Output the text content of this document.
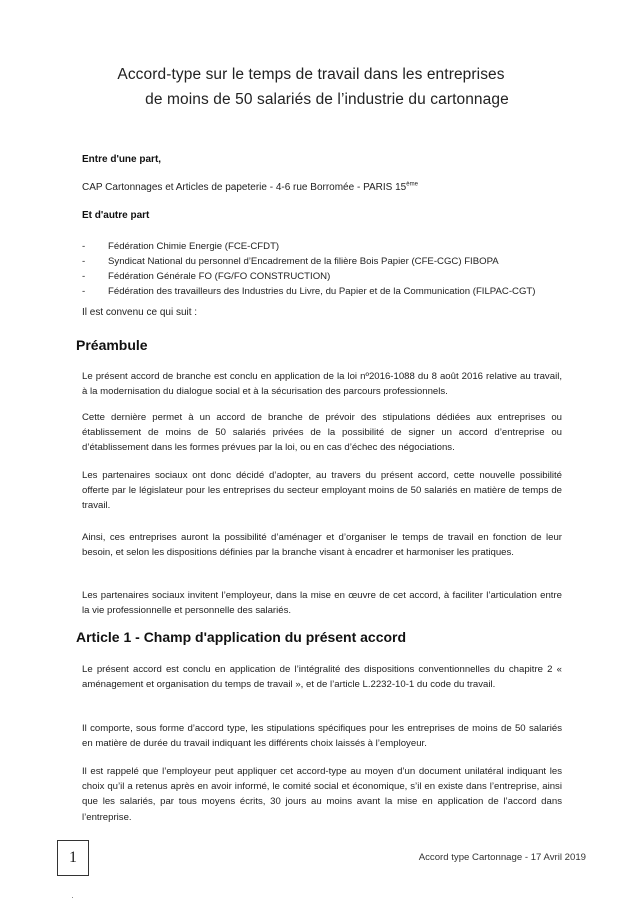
Accord-type sur le temps de travail dans les entreprises
de moins de 50 salariés de l’industrie du cartonnage
Entre d'une part,
CAP Cartonnages et Articles de papeterie - 4-6 rue Borromée - PARIS 15ème
Et d'autre part
- Fédération Chimie Energie (FCE-CFDT)
- Syndicat National du personnel d’Encadrement de la filière Bois Papier (CFE-CGC) FIBOPA
- Fédération Générale FO (FG/FO CONSTRUCTION)
- Fédération des travailleurs des Industries du Livre, du Papier et de la Communication (FILPAC-CGT)
Il est convenu ce qui suit :
Préambule

Le présent accord de branche est conclu en application de la loi nº2016-1088 du 8 août 2016 relative au travail, à la modernisation du dialogue social et à la sécurisation des parcours professionnels.

Cette dernière permet à un accord de branche de prévoir des stipulations dédiées aux entreprises ou établissement de moins de 50 salariés privées de la possibilité de signer un accord d’entreprise ou d’établissement dans les formes prévues par la loi, ou en cas d’échec des négociations.

Les partenaires sociaux ont donc décidé d’adopter, au travers du présent accord, cette nouvelle possibilité offerte par le législateur pour les entreprises du secteur employant moins de 50 salariés en matière de temps de travail.

Ainsi, ces entreprises auront la possibilité d’aménager et d’organiser le temps de travail en fonction de leur besoin, et selon les dispositions définies par la branche visant à encadrer et harmoniser les pratiques.

Les partenaires sociaux invitent l’employeur, dans la mise en œuvre de cet accord, à faciliter l’articulation entre la vie professionnelle et personnelle des salariés.

Article 1 - Champ d'application du présent accord

Le présent accord est conclu en application de l’intégralité des dispositions conventionnelles du chapitre 2 « aménagement et organisation du temps de travail », et de l’article L.2232-10-1 du code du travail.

Il comporte, sous forme d’accord type, les stipulations spécifiques pour les entreprises de moins de 50 salariés en matière de durée du travail indiquant les différents choix laissés à l’employeur.

Il est rappelé que l’employeur peut appliquer cet accord-type au moyen d’un document unilatéral indiquant les choix qu’il a retenus après en avoir informé, le comité social et économique, s’il en existe dans l’entreprise, ainsi que les salariés, par tous moyens écrits, 30 jours au moins avant la mise en application de l’accord dans l’entreprise.

1	Accord type Cartonnage - 17 Avril 2019
